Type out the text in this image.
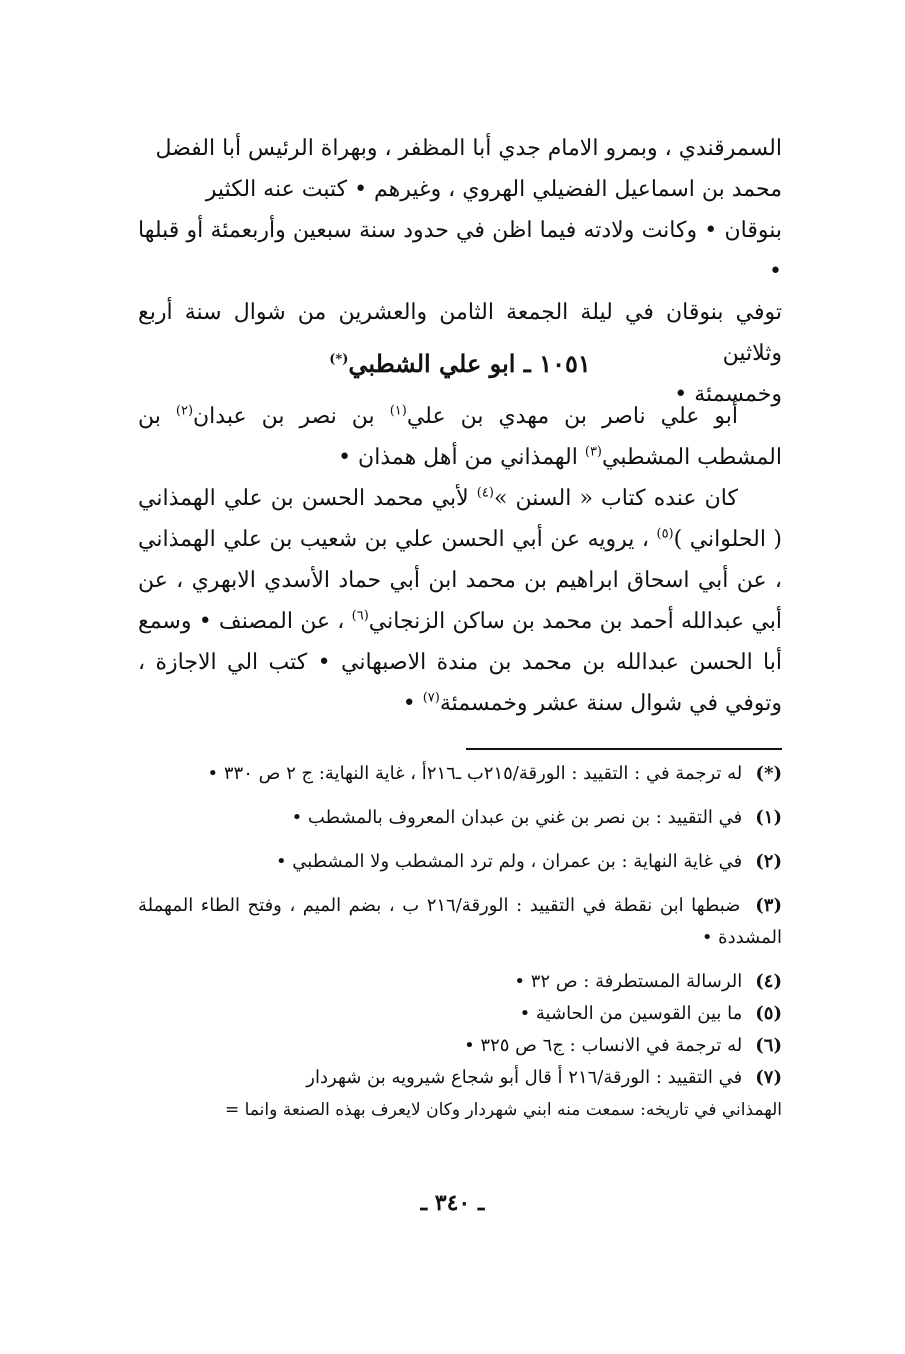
السمرقندي ، وبمرو الامام جدي أبا المظفر ، وبهراة الرئيس أبا الفضل
محمد بن اسماعيل الفضيلي الهروي ، وغيرهم • كتبت عنه الكثير
بنوقان • وكانت ولادته فيما اظن في حدود سنة سبعين وأربعمئة أو قبلها •
توفي بنوقان في ليلة الجمعة الثامن والعشرين من شوال سنة أربع وثلاثين
وخمسمئة •
١٠٥١ ـ ابو علي الشطبي(*)

أبو علي ناصر بن مهدي بن علي$^{(١)}$ بن نصر بن عبدان$^{(٢)}$ بن المشطب المشطبي$^{(٣)}$ الهمذاني من أهل همذان •

كان عنده كتاب « السنن »$^{(٤)}$ لأبي محمد الحسن بن علي الهمذاني ( الحلواني )$^{(٥)}$ ، يرويه عن أبي الحسن علي بن شعيب بن علي الهمذاني ، عن أبي اسحاق ابراهيم بن محمد ابن أبي حماد الأسدي الابهري ، عن أبي عبدالله أحمد بن محمد بن ساكن الزنجاني$^{(٦)}$ ، عن المصنف • وسمع أبا الحسن عبدالله بن محمد بن مندة الاصبهاني • كتب الي الاجازة ، وتوفي في شوال سنة عشر وخمسمئة$^{(٧)}$ •

(*) له ترجمة في : التقييد : الورقة/٢١٥ب ـ٢١٦أ ، غاية النهاية: ج ٢ ص ٣٣٠ •

(١) في التقييد : بن نصر بن غني بن عبدان المعروف بالمشطب •

(٢) في غاية النهاية : بن عمران ، ولم ترد المشطب ولا المشطبي •

(٣) ضبطها ابن نقطة في التقييد : الورقة/٢١٦ ب ، بضم الميم ، وفتح الطاء المهملة المشددة •

(٤) الرسالة المستطرفة : ص ٣٢ •

(٥) ما بين القوسين من الحاشية •

(٦) له ترجمة في الانساب : ج٦ ص ٣٢٥ •

(٧) في التقييد : الورقة/٢١٦ أ قال أبو شجاع شيرويه بن شهردار

الهمذاني في تاريخه: سمعت منه ابني شهردار وكان لايعرف بهذه الصنعة وانما =

ـ ٣٤٠ ـ
